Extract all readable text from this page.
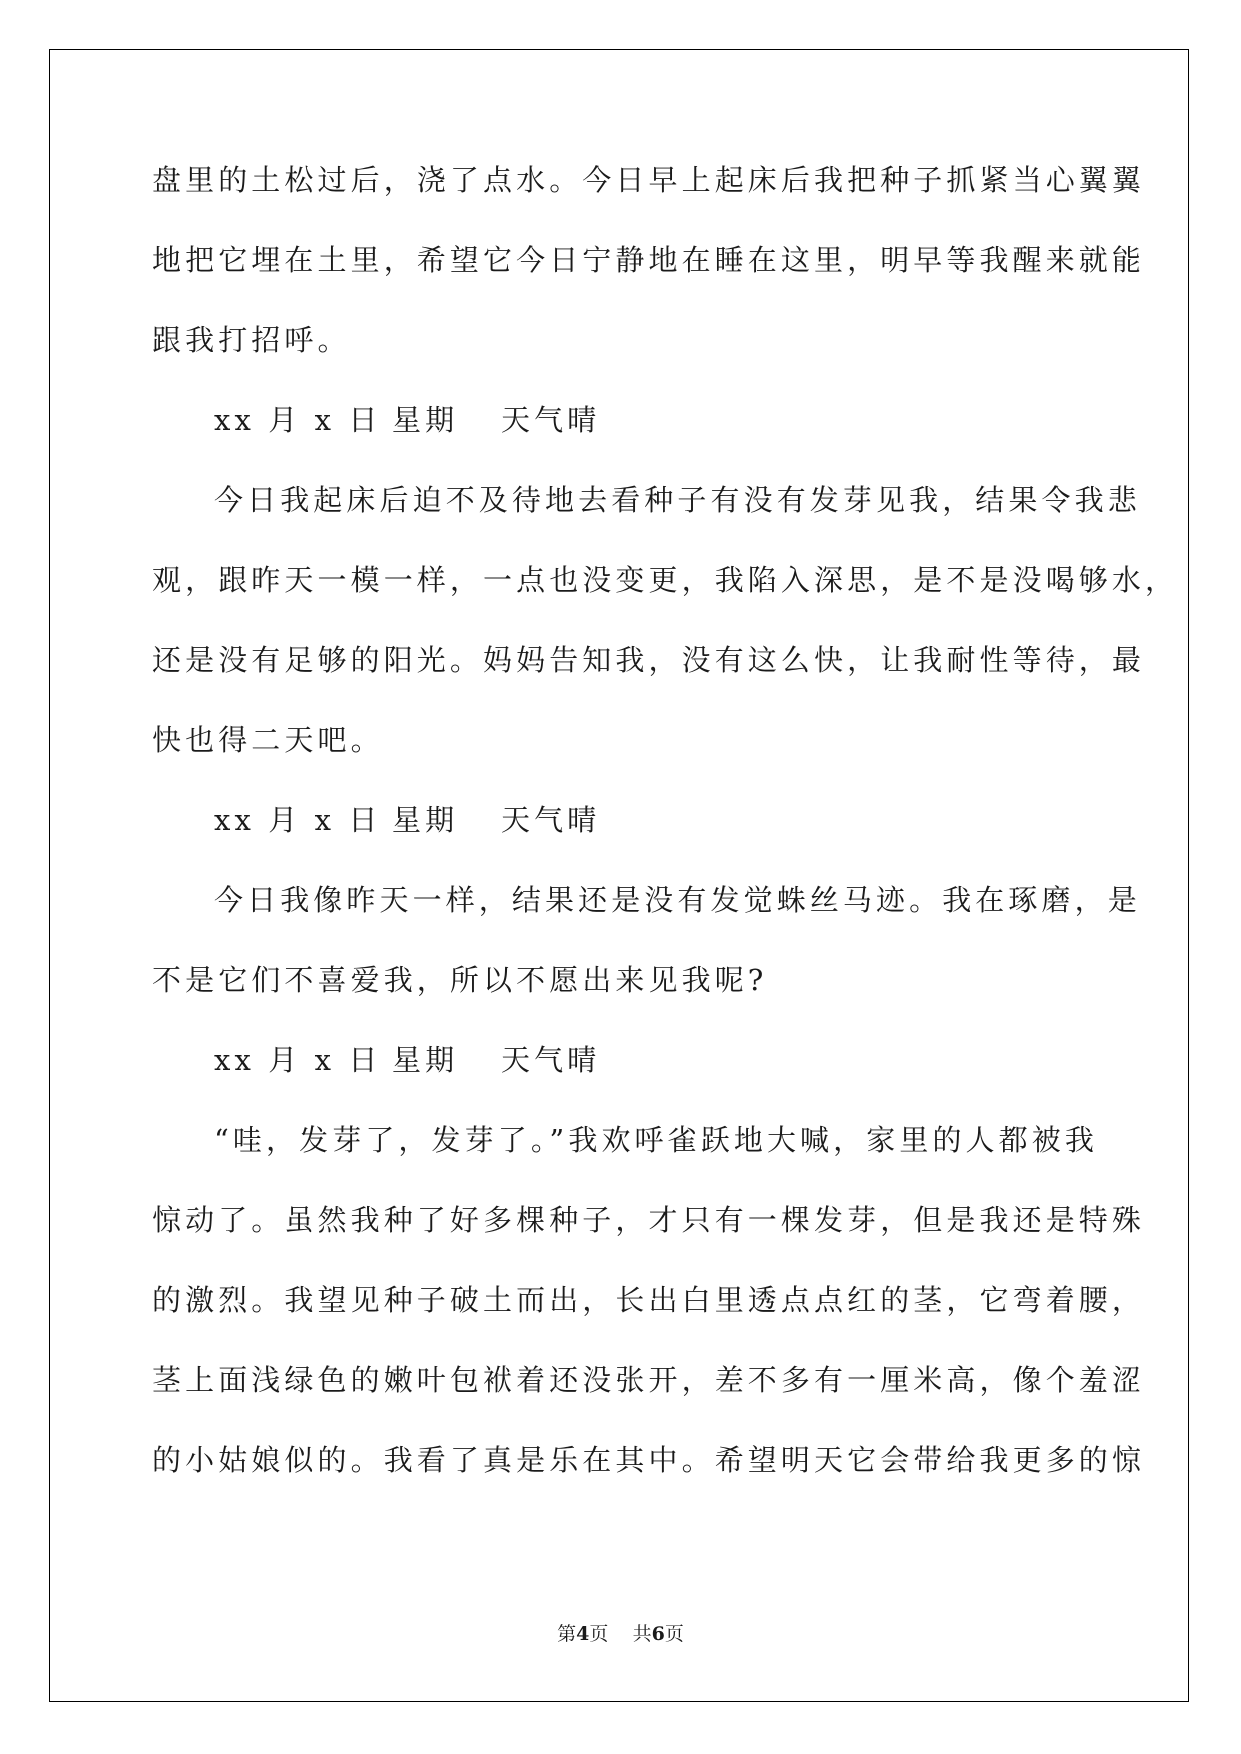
盘里的土松过后，浇了点水。今日早上起床后我把种子抓紧当心翼翼
地把它埋在土里，希望它今日宁静地在睡在这里，明早等我醒来就能
跟我打招呼。
xx 月 x 日 星期 天气晴
今日我起床后迫不及待地去看种子有没有发芽见我，结果令我悲
观，跟昨天一模一样，一点也没变更，我陷入深思，是不是没喝够水，
还是没有足够的阳光。妈妈告知我，没有这么快，让我耐性等待，最
快也得二天吧。
xx 月 x 日 星期 天气晴
今日我像昨天一样，结果还是没有发觉蛛丝马迹。我在琢磨，是
不是它们不喜爱我，所以不愿出来见我呢?
xx 月 x 日 星期 天气晴
“哇，发芽了，发芽了。”我欢呼雀跃地大喊，家里的人都被我
惊动了。虽然我种了好多棵种子，才只有一棵发芽，但是我还是特殊
的激烈。我望见种子破土而出，长出白里透点点红的茎，它弯着腰，
茎上面浅绿色的嫩叶包袱着还没张开，差不多有一厘米高，像个羞涩
的小姑娘似的。我看了真是乐在其中。希望明天它会带给我更多的惊
第4页 共6页
